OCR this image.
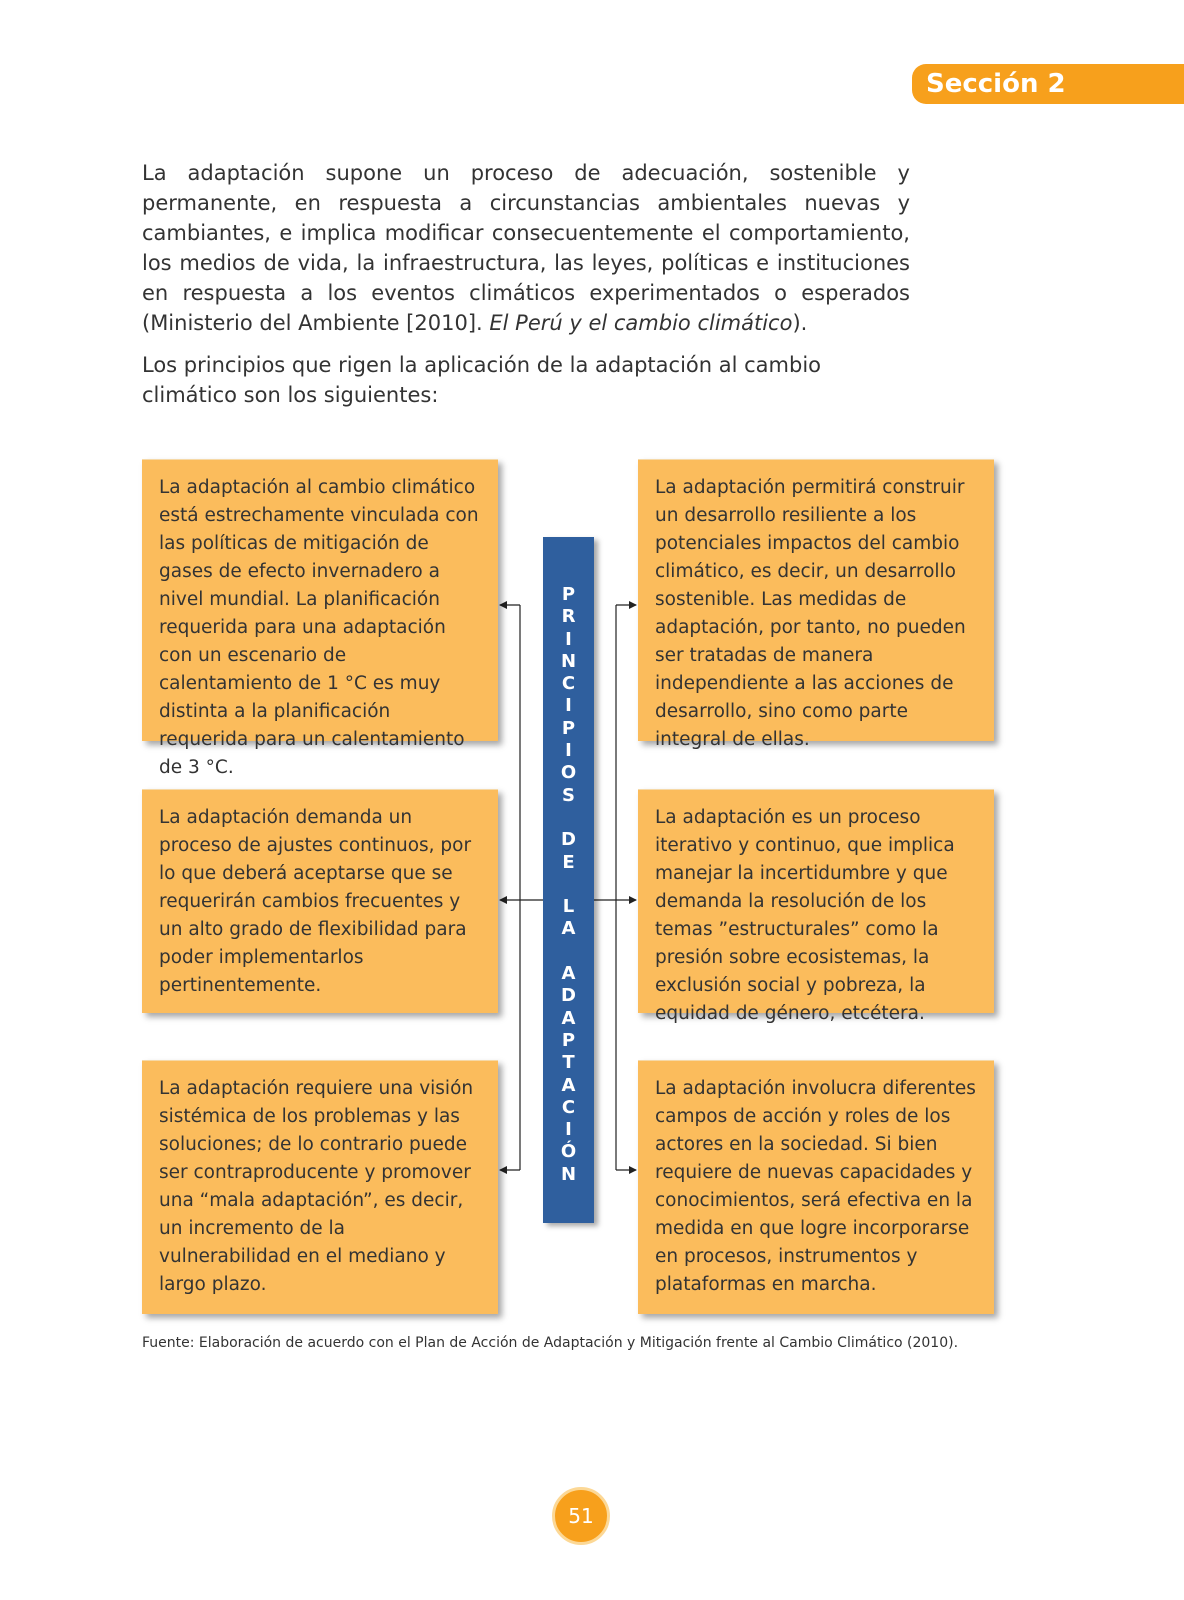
Sección 2

La adaptación supone un proceso de adecuación, sostenible y permanente, en respuesta a circunstancias ambientales nuevas y cambiantes, e implica modificar consecuentemente el comportamiento, los medios de vida, la infraestructura, las leyes, políticas e instituciones en respuesta a los eventos climáticos experimentados o esperados (Ministerio del Ambiente [2010]. El Perú y el cambio climático).

Los principios que rigen la aplicación de la adaptación al cambio climático son los siguientes:

La adaptación al cambio climático está estrechamente vinculada con las políticas de mitigación de gases de efecto invernadero a nivel mundial. La planificación requerida para una adaptación con un escenario de calentamiento de 1 °C es muy distinta a la planificación requerida para un calentamiento de 3 °C.
La adaptación demanda un proceso de ajustes continuos, por lo que deberá aceptarse que se requerirán cambios frecuentes y un alto grado de flexibilidad para poder implementarlos pertinentemente.
La adaptación requiere una visión sistémica de los problemas y las soluciones; de lo contrario puede ser contraproducente y promover una “mala adaptación”, es decir, un incremento de la vulnerabilidad en el mediano y largo plazo.
La adaptación permitirá construir un desarrollo resiliente a los potenciales impactos del cambio climático, es decir, un desarrollo sostenible. Las medidas de adaptación, por tanto, no pueden ser tratadas de manera independiente a las acciones de desarrollo, sino como parte integral de ellas.
La adaptación es un proceso iterativo y continuo, que implica manejar la incertidumbre y que demanda la resolución de los temas ”estructurales” como la presión sobre ecosistemas, la exclusión social y pobreza, la equidad de género, etcétera.
La adaptación involucra diferentes campos de acción y roles de los actores en la sociedad. Si bien requiere de nuevas capacidades y conocimientos, será efectiva en la medida en que logre incorporarse en procesos, instrumentos y plataformas en marcha.
P
R
I
N
C
I
P
I
O
S
D
E
L
A
A
D
A
P
T
A
C
I
Ó
N
Fuente: Elaboración de acuerdo con el Plan de Acción de Adaptación y Mitigación frente al Cambio Climático (2010).
51
